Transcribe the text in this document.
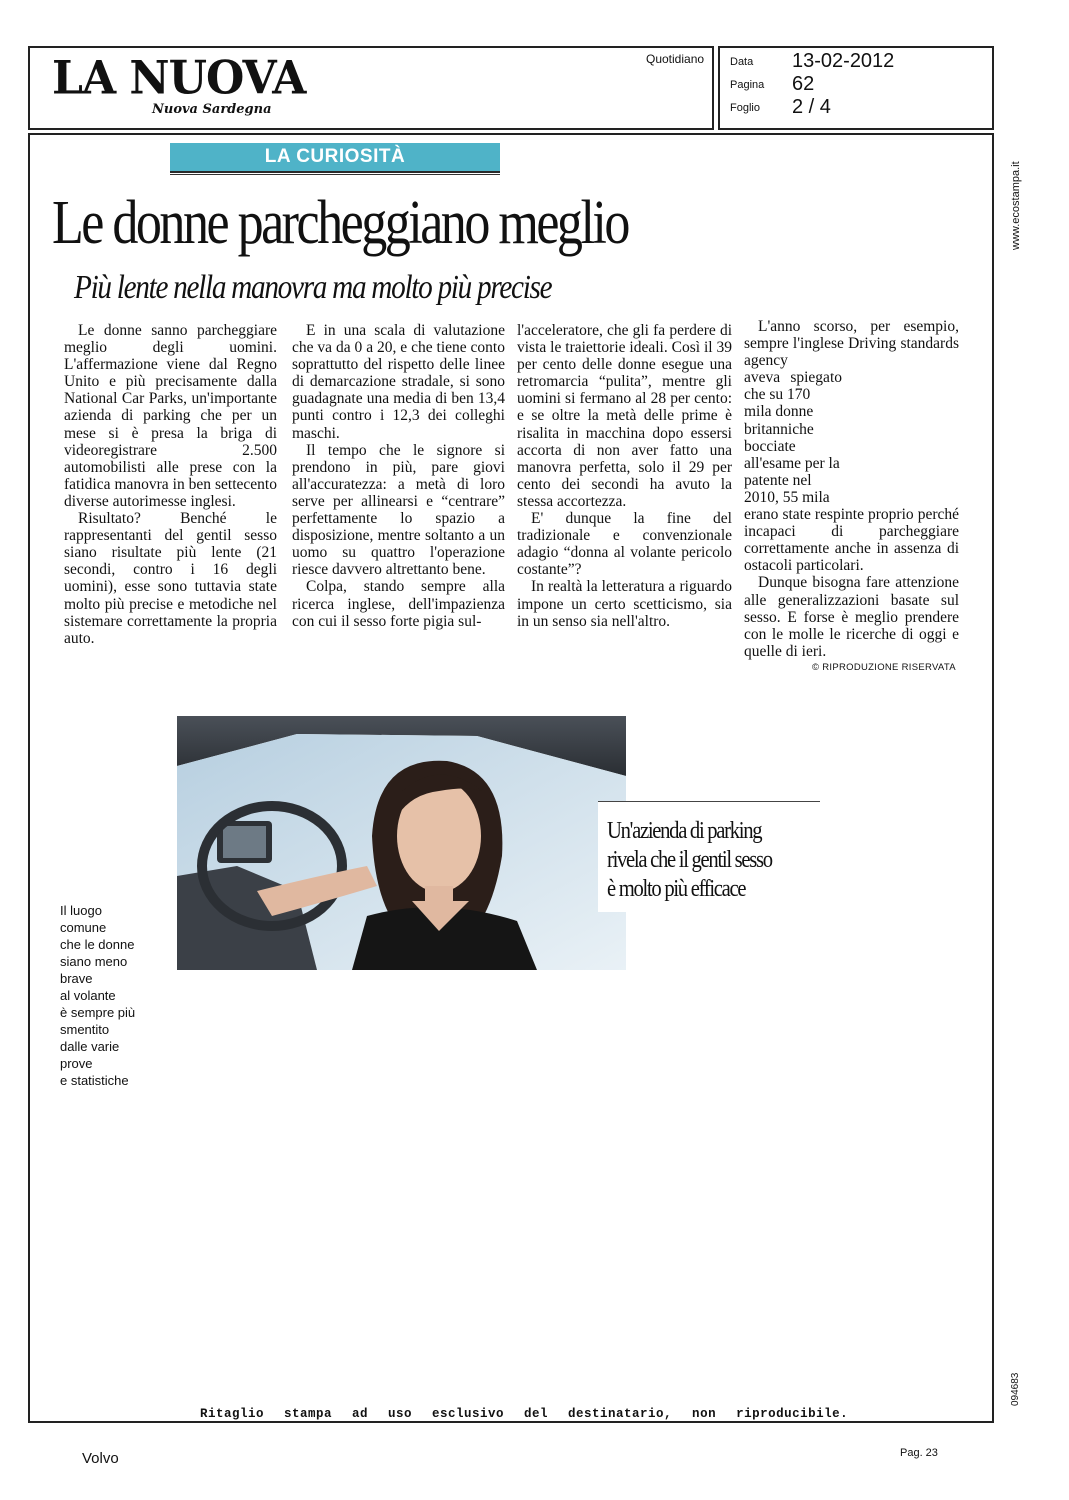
LA NUOVA
Nuova Sardegna
Quotidiano Data 13-02-2012
Pagina 62
Foglio 2 / 4
LA CURIOSITÀ
Le donne parcheggiano meglio
Più lente nella manovra ma molto più precise

Le donne sanno parcheggiare meglio degli uomini. L'affermazione viene dal Regno Unito e più precisamente dalla National Car Parks, un'importante azienda di parking che per un mese si è presa la briga di videoregistrare 2.500 automobilisti alle prese con la fatidica manovra in ben settecento diverse autorimesse inglesi.

Risultato? Benché le rappresentanti del gentil sesso siano risultate più lente (21 secondi, contro i 16 degli uomini), esse sono tuttavia state molto più precise e metodiche nel sistemare correttamente la propria auto.

E in una scala di valutazione che va da 0 a 20, e che tiene conto soprattutto del rispetto delle linee di demarcazione stradale, si sono guadagnate una media di ben 13,4 punti contro i 12,3 dei colleghi maschi.

Il tempo che le signore si prendono in più, pare giovi all'accuratezza: a metà di loro serve per allinearsi e “centrare” perfettamente lo spazio a disposizione, mentre soltanto a un uomo su quattro l'operazione riesce davvero altrettanto bene.

Colpa, stando sempre alla ricerca inglese, dell'impazienza con cui il sesso forte pigia sul-

l'acceleratore, che gli fa perdere di vista le traiettorie ideali. Così il 39 per cento delle donne esegue una retromarcia “pulita”, mentre gli uomini si fermano al 28 per cento: e se oltre la metà delle prime è risalita in macchina dopo essersi accorta di non aver fatto una manovra perfetta, solo il 29 per cento dei secondi ha avuto la stessa accortezza.

E' dunque la fine del tradizionale e convenzionale adagio “donna al volante pericolo costante”?

In realtà la letteratura a riguardo impone un certo scetticismo, sia in un senso sia nell'altro.

L'anno scorso, per esempio, sempre l'inglese Driving standards agency

aveva spiegato che su 170
mila donne
britanniche
bocciate all'esame per la
patente nel
2010, 55 mila

erano state respinte proprio perché incapaci di parcheggiare correttamente anche in assenza di ostacoli particolari.

Dunque bisogna fare attenzione alle generalizzazioni basate sul sesso. E forse è meglio prendere con le molle le ricerche di oggi e quelle di ieri.

© RIPRODUZIONE RISERVATA
Un'azienda di parking
rivela che il gentil sesso
è molto più efficace
Il luogo
comune
che le donne
siano meno
brave
al volante
è sempre più
smentito
dalle varie
prove
e statistiche
www.ecostampa.it
094683
Ritaglio stampa ad uso esclusivo del destinatario, non riproducibile.
Volvo	Pag. 23
